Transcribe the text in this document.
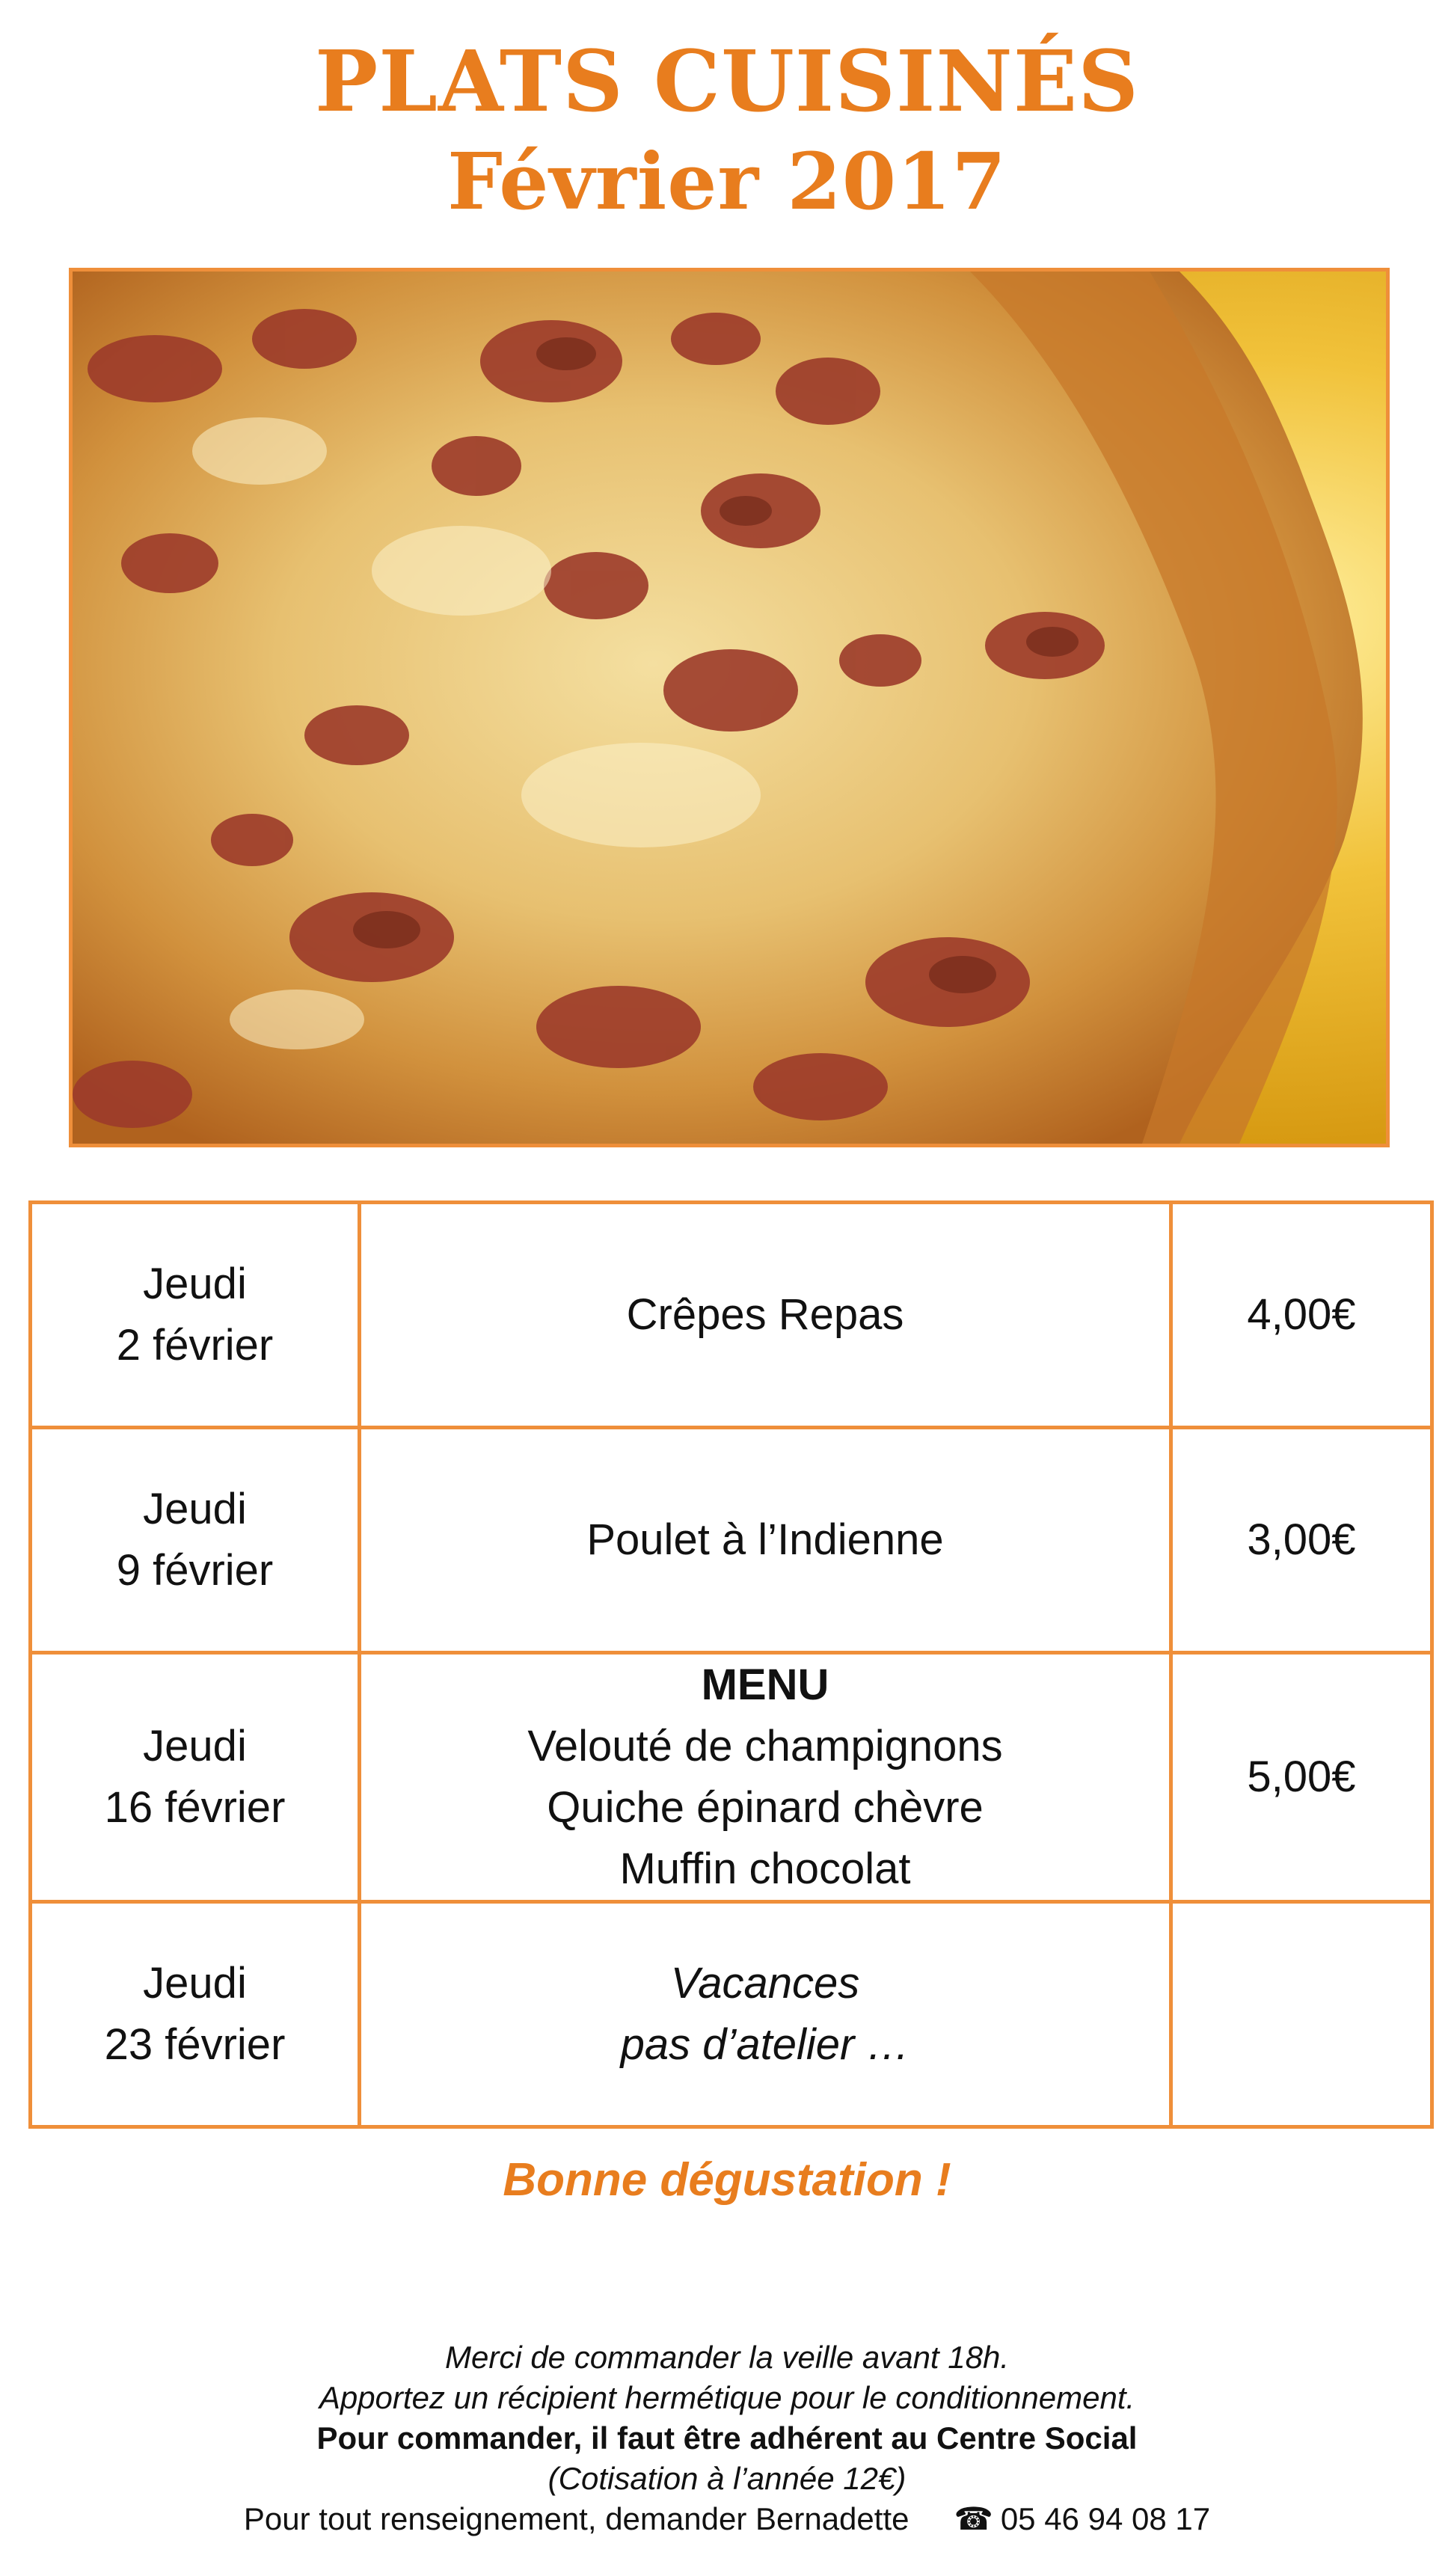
PLATS CUISINÉS
Février 2017
Jeudi
2 février	Crêpes Repas	4,00€

Jeudi
9 février	Poulet à l’Indienne	3,00€

Jeudi
16 février	MENU
Velouté de champignons
Quiche épinard chèvre
Muffin chocolat	5,00€

Jeudi
23 février	Vacances
pas d’atelier …	

Bonne dégustation !
Merci de commander la veille avant 18h.
Apportez un récipient hermétique pour le conditionnement.
Pour commander, il faut être adhérent au Centre Social
(Cotisation à l’année 12€)
Pour tout renseignement, demander Bernadette ☎ 05 46 94 08 17
